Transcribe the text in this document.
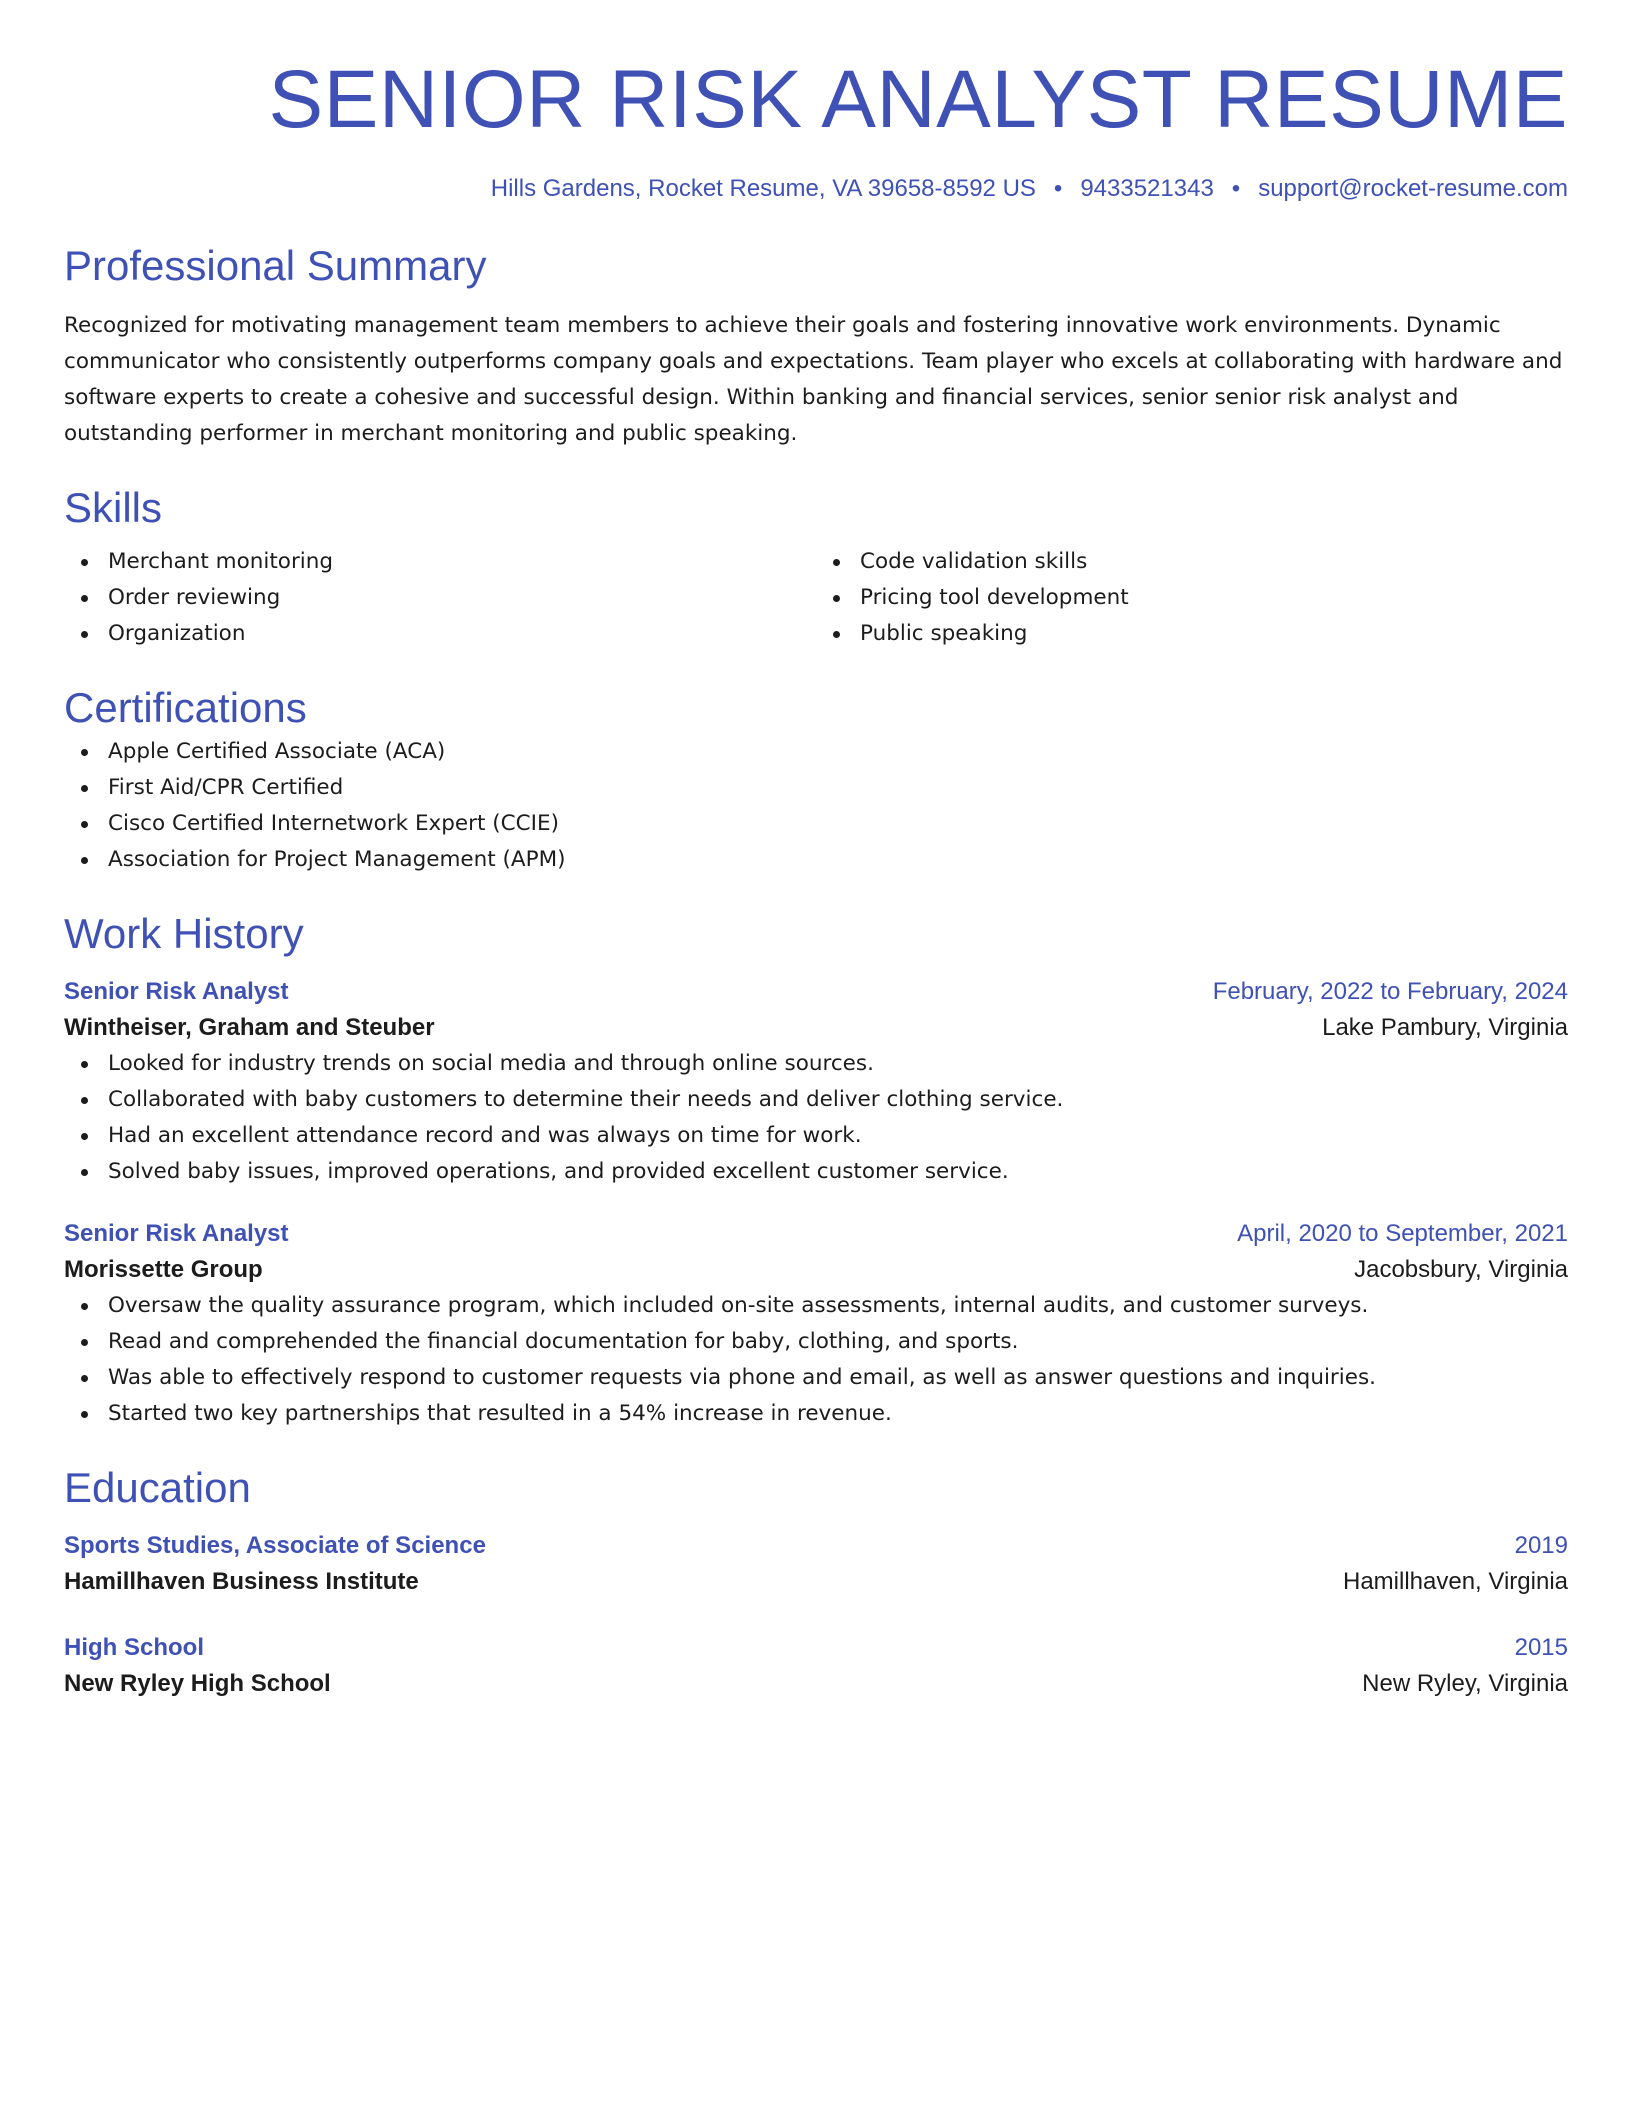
SENIOR RISK ANALYST RESUME
Hills Gardens, Rocket Resume, VA 39658-8592 US • 9433521343 • support@rocket-resume.com
Professional Summary

Recognized for motivating management team members to achieve their goals and fostering innovative work environments. Dynamic communicator who consistently outperforms company goals and expectations. Team player who excels at collaborating with hardware and software experts to create a cohesive and successful design. Within banking and financial services, senior senior risk analyst and outstanding performer in merchant monitoring and public speaking.

Skills
Merchant monitoring
Order reviewing
Organization
Code validation skills
Pricing tool development
Public speaking
Certifications
Apple Certified Associate (ACA)
First Aid/CPR Certified
Cisco Certified Internetwork Expert (CCIE)
Association for Project Management (APM)
Work History
Senior Risk Analyst	February, 2022 to February, 2024
Wintheiser, Graham and Steuber	Lake Pambury, Virginia
Looked for industry trends on social media and through online sources.
Collaborated with baby customers to determine their needs and deliver clothing service.
Had an excellent attendance record and was always on time for work.
Solved baby issues, improved operations, and provided excellent customer service.
Senior Risk Analyst	April, 2020 to September, 2021
Morissette Group	Jacobsbury, Virginia
Oversaw the quality assurance program, which included on-site assessments, internal audits, and customer surveys.
Read and comprehended the financial documentation for baby, clothing, and sports.
Was able to effectively respond to customer requests via phone and email, as well as answer questions and inquiries.
Started two key partnerships that resulted in a 54% increase in revenue.
Education
Sports Studies, Associate of Science	2019
Hamillhaven Business Institute	Hamillhaven, Virginia
High School	2015
New Ryley High School	New Ryley, Virginia
